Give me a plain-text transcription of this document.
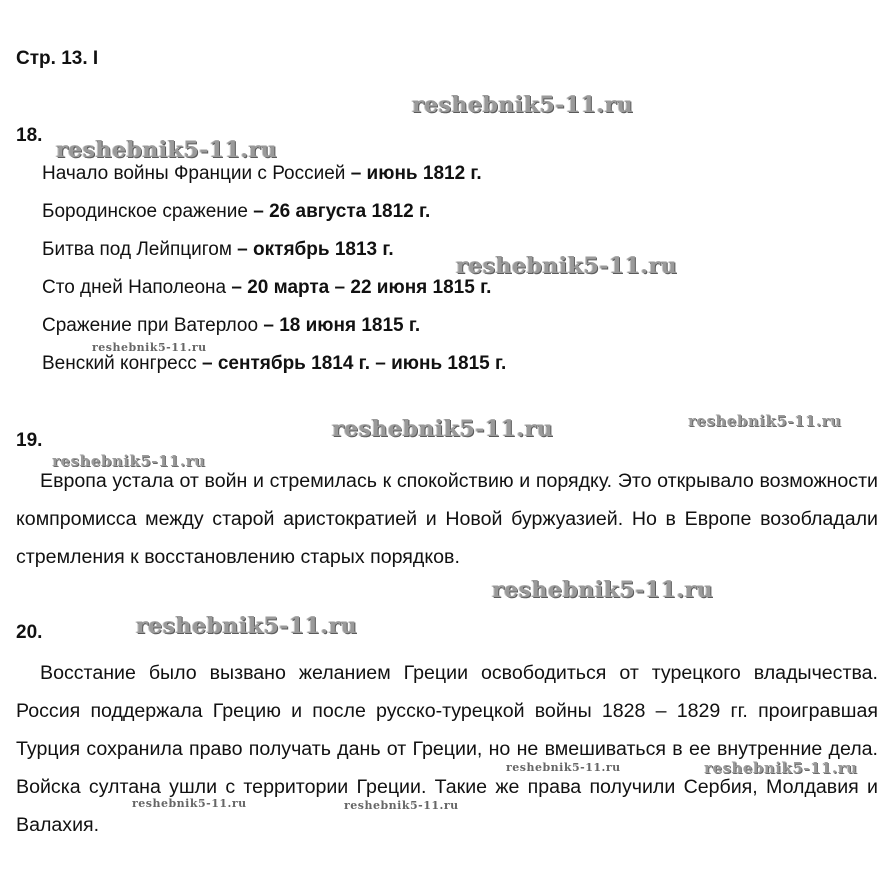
Стр. 13. I
18.
Начало войны Франции с Россией – июнь 1812 г.
Бородинское сражение – 26 августа 1812 г.
Битва под Лейпцигом – октябрь 1813 г.
Сто дней Наполеона – 20 марта – 22 июня 1815 г.
Сражение при Ватерлоо – 18 июня 1815 г.
Венский конгресс – сентябрь 1814 г. – июнь 1815 г.
19.
Европа устала от войн и стремилась к спокойствию и порядку. Это открывало возможности компромисса между старой аристократией и Новой буржуазией. Но в Европе возобладали стремления к восстановлению старых порядков.
20.
Восстание было вызвано желанием Греции освободиться от турецкого владычества. Россия поддержала Грецию и после русско-турецкой войны 1828 – 1829 гг. проигравшая Турция сохранила право получать дань от Греции, но не вмешиваться в ее внутренние дела. Войска султана ушли с территории Греции. Такие же права получили Сербия, Молдавия и Валахия.
reshebnik5-11.ru
reshebnik5-11.ru
reshebnik5-11.ru
reshebnik5-11.ru
reshebnik5-11.ru	reshebnik5-11.ru
reshebnik5-11.ru
reshebnik5-11.ru
reshebnik5-11.ru
reshebnik5-11.ru	reshebnik5-11.ru
reshebnik5-11.ru	reshebnik5-11.ru
